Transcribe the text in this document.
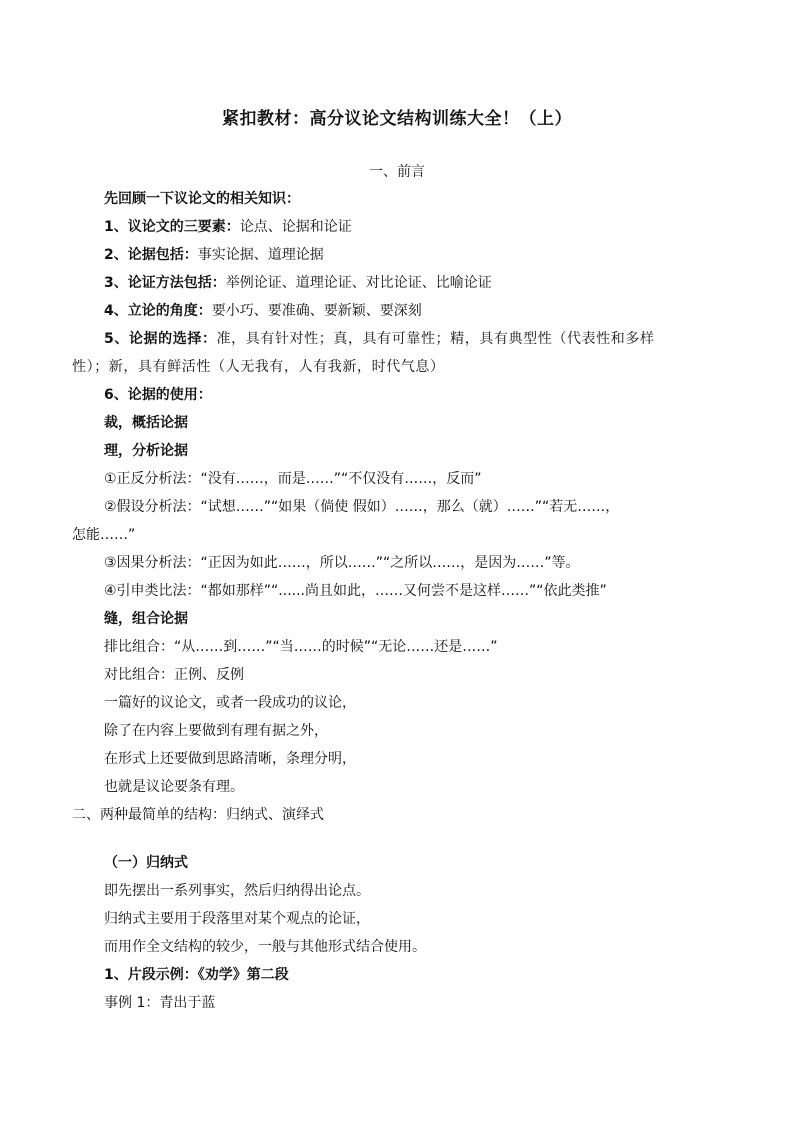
紧扣教材：高分议论文结构训练大全！（上）
一、前言
先回顾一下议论文的相关知识：
1、议论文的三要素：论点、论据和论证
2、论据包括：事实论据、道理论据
3、论证方法包括：举例论证、道理论证、对比论证、比喻论证
4、立论的角度：要小巧、要准确、要新颖、要深刻
5、论据的选择：准，具有针对性；真，具有可靠性；精，具有典型性（代表性和多样
性）；新，具有鲜活性（人无我有，人有我新，时代气息）
6、论据的使用：
裁，概括论据
理，分析论据
①正反分析法：“没有……，而是……”“不仅没有……，反而”
②假设分析法：“试想……”“如果（倘使 假如）……，那么（就）……”“若无……，
怎能……”
③因果分析法：“正因为如此……，所以……”“之所以……，是因为……”等。
④引申类比法：“都如那样”“......尚且如此，……又何尝不是这样……”“依此类推”
缝，组合论据
排比组合：“从……到……”“当……的时候”“无论……还是……”
对比组合：正例、反例
一篇好的议论文，或者一段成功的议论，
除了在内容上要做到有理有据之外，
在形式上还要做到思路清晰，条理分明，
也就是议论要条有理。
二、两种最简单的结构：归纳式、演绎式
（一）归纳式
即先摆出一系列事实，然后归纳得出论点。
归纳式主要用于段落里对某个观点的论证，
而用作全文结构的较少，一般与其他形式结合使用。
1、片段示例：《劝学》第二段
事例 1：青出于蓝
